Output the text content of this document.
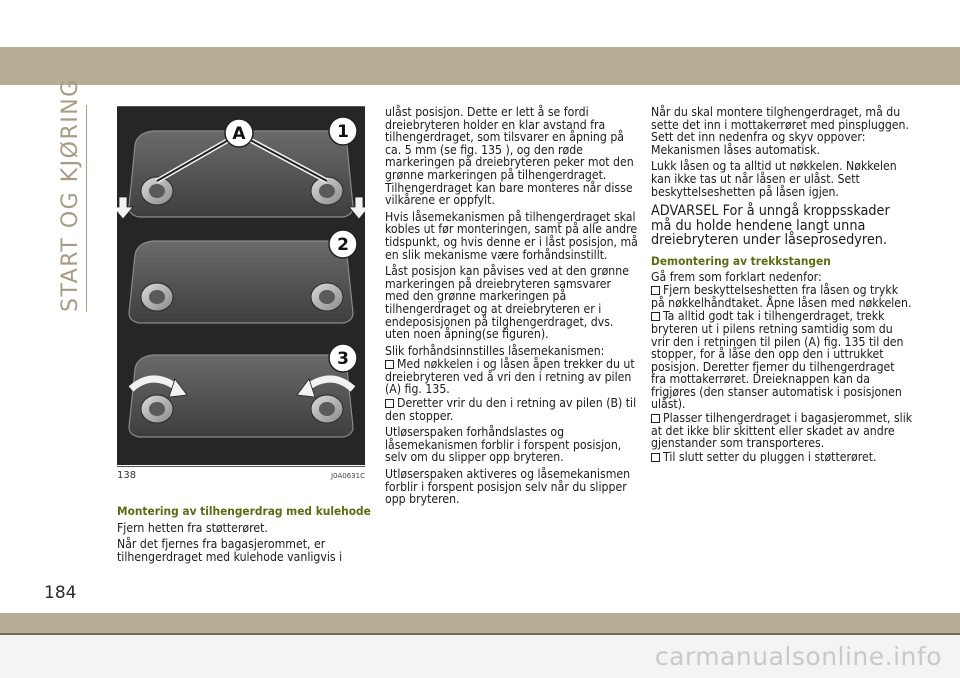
START OG KJØRING
184
A	1
2
3
138	J0A0631C

Montering av tilhengerdrag med kulehode

Fjern hetten fra støtterøret.

Når det fjernes fra bagasjerommet, er tilhengerdraget med kulehode vanligvis i

ulåst posisjon. Dette er lett å se fordi dreiebryteren holder en klar avstand fra tilhengerdraget, som tilsvarer en åpning på ca. 5 mm (se fig. 135 ), og den røde markeringen på dreiebryteren peker mot den grønne markeringen på tilhengerdraget. Tilhengerdraget kan bare monteres når disse vilkårene er oppfylt.

Hvis låsemekanismen på tilhengerdraget skal kobles ut før monteringen, samt på alle andre tidspunkt, og hvis denne er i låst posisjon, må en slik mekanisme være forhåndsinstillt.

Låst posisjon kan påvises ved at den grønne markeringen på dreiebryteren samsvarer med den grønne markeringen på tilhengerdraget og at dreiebryteren er i endeposisjonen på tilghengerdraget, dvs. uten noen åpning(se figuren).

Slik forhåndsinnstilles låsemekanismen:

Med nøkkelen i og låsen åpen trekker du ut dreiebryteren ved å vri den i retning av pilen (A) fig. 135.

Deretter vrir du den i retning av pilen (B) til den stopper.

Utløserspaken forhåndslastes og låsemekanismen forblir i forspent posisjon, selv om du slipper opp bryteren.

Utløserspaken aktiveres og låsemekanismen forblir i forspent posisjon selv når du slipper opp bryteren.

Når du skal montere tilghengerdraget, må du sette det inn i mottakerrøret med pinspluggen. Sett det inn nedenfra og skyv oppover: Mekanismen låses automatisk.

Lukk låsen og ta alltid ut nøkkelen. Nøkkelen kan ikke tas ut når låsen er ulåst. Sett beskyttelseshetten på låsen igjen.

ADVARSEL For å unngå kroppsskader må du holde hendene langt unna dreiebryteren under låseprosedyren.

Demontering av trekkstangen

Gå frem som forklart nedenfor:

Fjern beskyttelseshetten fra låsen og trykk på nøkkelhåndtaket. Åpne låsen med nøkkelen.

Ta alltid godt tak i tilhengerdraget, trekk bryteren ut i pilens retning samtidig som du vrir den i retningen til pilen (A) fig. 135 til den stopper, for å låse den opp den i uttrukket posisjon. Deretter fjerner du tilhengerdraget fra mottakerrøret. Dreieknappen kan da frigjøres (den stanser automatisk i posisjonen ulåst).

Plasser tilhengerdraget i bagasjerommet, slik at det ikke blir skittent eller skadet av andre gjenstander som transporteres.

Til slutt setter du pluggen i støtterøret.

carmanualsonline.info
